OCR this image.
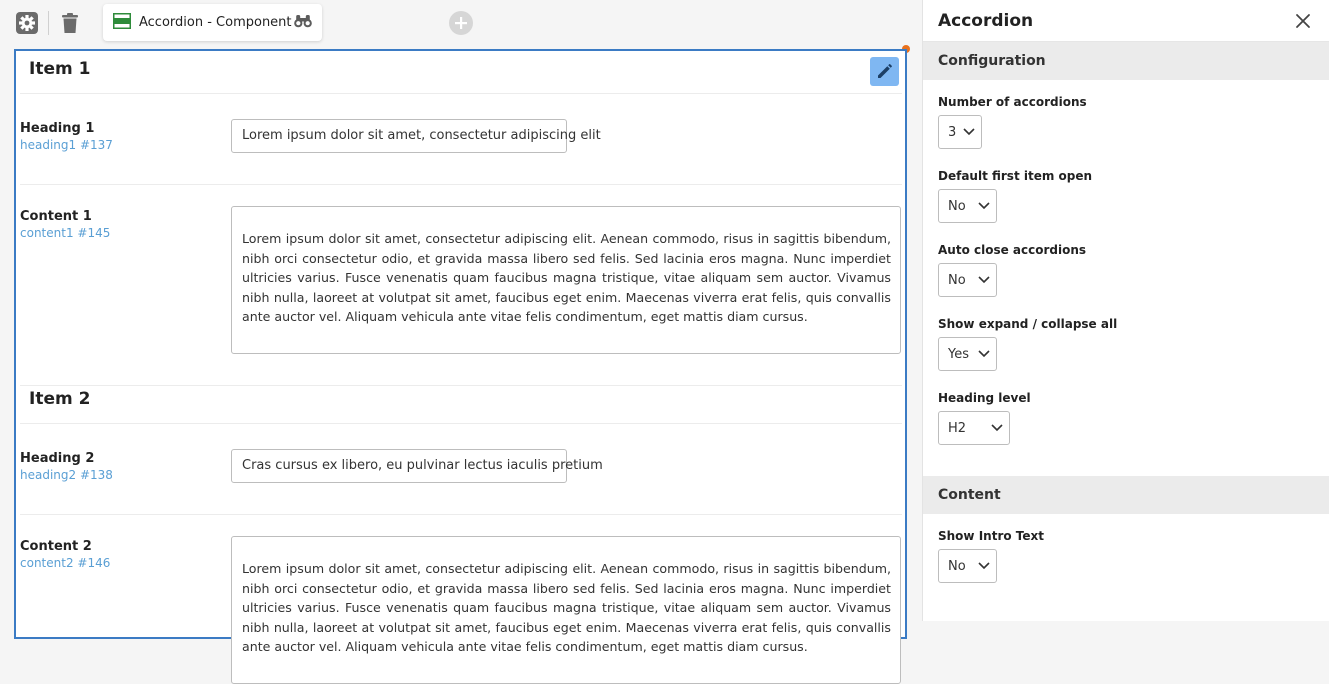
Accordion - Component
Item 1
Heading 1
heading1 #137
Lorem ipsum dolor sit amet, consectetur adipiscing elit
Content 1
content1 #145	Lorem ipsum dolor sit amet, consectetur adipiscing elit. Aenean commodo, risus in sagittis bibendum, nibh orci consectetur odio, et gravida massa libero sed felis. Sed lacinia eros magna. Nunc imperdiet ultricies varius. Fusce venenatis quam faucibus magna tristique, vitae aliquam sem auctor. Vivamus nibh nulla, laoreet at volutpat sit amet, faucibus eget enim. Maecenas viverra erat felis, quis convallis ante auctor vel. Aliquam vehicula ante vitae felis condimentum, eget mattis diam cursus.
Item 2
Heading 2
heading2 #138
Cras cursus ex libero, eu pulvinar lectus iaculis pretium
Content 2
content2 #146	Lorem ipsum dolor sit amet, consectetur adipiscing elit. Aenean commodo, risus in sagittis bibendum, nibh orci consectetur odio, et gravida massa libero sed felis. Sed lacinia eros magna. Nunc imperdiet ultricies varius. Fusce venenatis quam faucibus magna tristique, vitae aliquam sem auctor. Vivamus nibh nulla, laoreet at volutpat sit amet, faucibus eget enim. Maecenas viverra erat felis, quis convallis ante auctor vel. Aliquam vehicula ante vitae felis condimentum, eget mattis diam cursus.
Accordion
Configuration
Number of accordions
3
Default first item open
No
Auto close accordions
No
Show expand / collapse all
Yes
Heading level
H2
Content
Show Intro Text
No
